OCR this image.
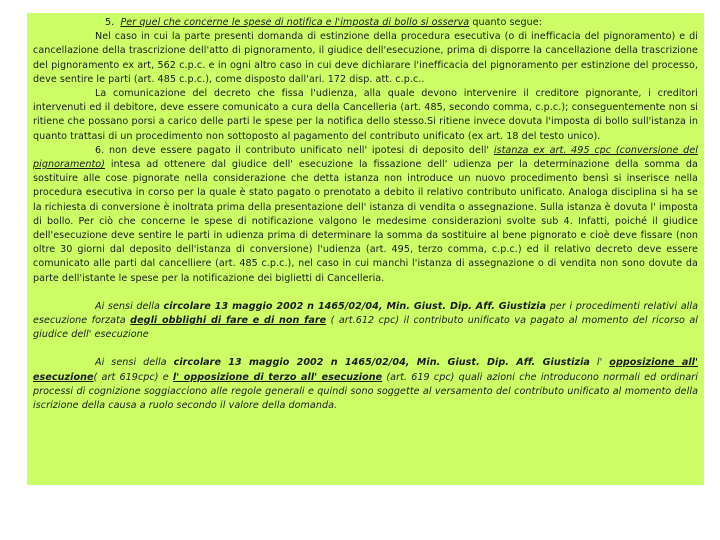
5. Per quel che concerne le spese di notifica e l'imposta di bollo si osserva quanto segue:

Nel caso in cui la parte presenti domanda di estinzione della procedura esecutiva (o di inefficacia del pignoramento) e di cancellazione della trascrizione dell'atto di pignoramento, il giudice dell'esecuzione, prima di disporre la cancellazione della trascrizione del pignoramento ex art, 562 c.p.c. e in ogni altro caso in cui deve dichiarare l'inefficacia del pignoramento per estinzione del processo, deve sentire le parti (art. 485 c.p.c.), come disposto dall'ari. 172 disp. att. c.p.c..

La comunicazione del decreto che fissa l'udienza, alla quale devono intervenire il creditore pignorante, i creditori intervenuti ed il debitore, deve essere comunicato a cura della Cancelleria (art. 485, secondo comma, c.p.c.); conseguentemente non si ritiene che possano porsi a carico delle parti le spese per la notifica dello stesso.Si ritiene invece dovuta l'imposta di bollo sull'istanza in quanto trattasi di un procedimento non sottoposto al pagamento del contributo unificato (ex art. 18 del testo unico).

6. non deve essere pagato il contributo unificato nell' ipotesi di deposito dell' istanza ex art. 495 cpc (conversione del pignoramento) intesa ad ottenere dal giudice dell' esecuzione la fissazione dell' udienza per la determinazione della somma da sostituire alle cose pignorate nella considerazione che detta istanza non introduce un nuovo procedimento bensì si inserisce nella procedura esecutiva in corso per la quale è stato pagato o prenotato a debito il relativo contributo unificato. Analoga disciplina si ha se la richiesta di conversione è inoltrata prima della presentazione dell' istanza di vendita o assegnazione. Sulla istanza è dovuta l' imposta di bollo. Per ciò che concerne le spese di notificazione valgono le medesime considerazioni svolte sub 4. Infatti, poiché il giudice dell'esecuzione deve sentire le parti in udienza prima di determinare la somma da sostituire al bene pignorato e cioè deve fissare (non oltre 30 giorni dal deposito dell'istanza di conversione) l'udienza (art. 495, terzo comma, c.p.c.) ed il relativo decreto deve essere comunicato alle parti dal cancelliere (art. 485 c.p.c.), nel caso in cui manchi l'istanza di assegnazione o di vendita non sono dovute da parte dell'istante le spese per la notificazione dei biglietti di Cancelleria.

Ai sensi della circolare 13 maggio 2002 n 1465/02/04, Min. Giust. Dip. Aff. Giustizia per i procedimenti relativi alla esecuzione forzata degli obblighi di fare e di non fare ( art.612 cpc) il contributo unificato va pagato al momento del ricorso al giudice dell' esecuzione

Ai sensi della circolare 13 maggio 2002 n 1465/02/04, Min. Giust. Dip. Aff. Giustizia l' opposizione all' esecuzione( art 619cpc) e l' opposizione di terzo all' esecuzione (art. 619 cpc) quali azioni che introducono normali ed ordinari processi di cognizione soggiacciono alle regole generali e quindi sono soggette al versamento del contributo unificato al momento della iscrizione della causa a ruolo secondo il valore della domanda.
